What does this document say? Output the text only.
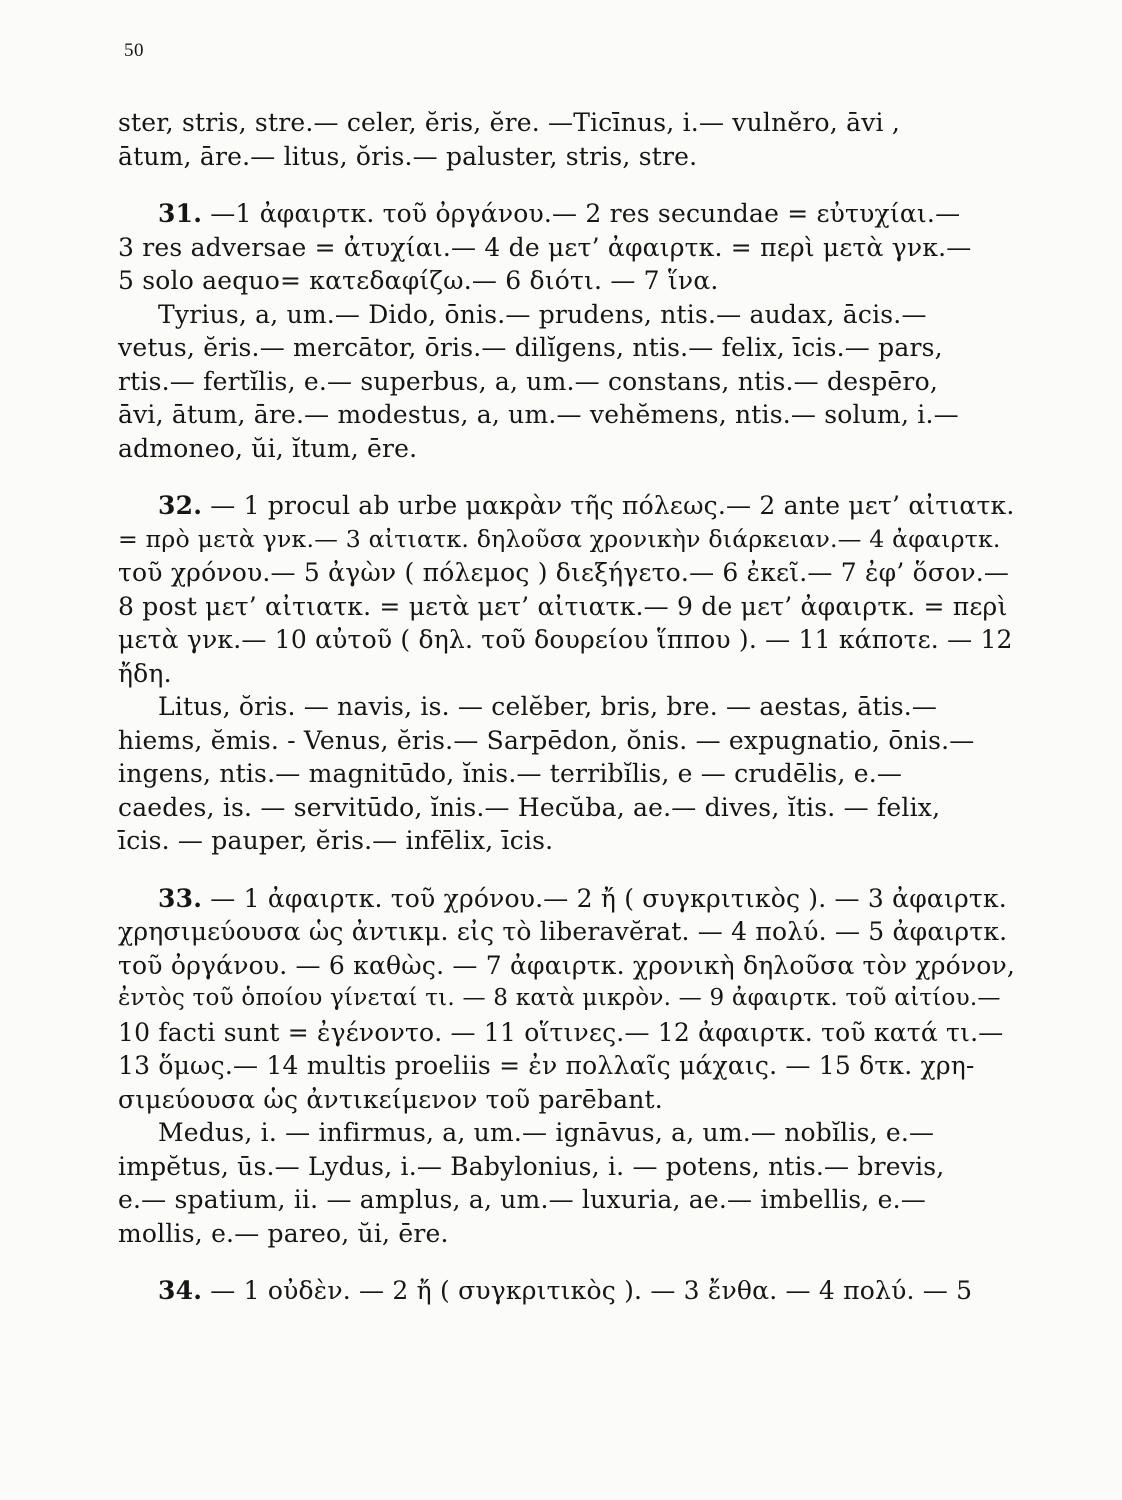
50
ster, stris, stre.— celer, ĕris, ĕre. —Ticīnus, i.— vulnĕro, āvi ,
ātum, āre.— litus, ŏris.— paluster, stris, stre.
31. —1 ἀφαιρτκ. τοῦ ὀργάνου.— 2 res secundae = εὐτυχίαι.—
3 res adversae = ἀτυχίαι.— 4 de μετ’ ἀφαιρτκ. = περὶ μετὰ γνκ.—
5 solo aequo= κατεδαφίζω.— 6 διότι. — 7 ἵνα.
Tyrius, a, um.— Dido, ōnis.— prudens, ntis.— audax, ācis.—
vetus, ĕris.— mercātor, ōris.— dilĭgens, ntis.— felix, īcis.— pars,
rtis.— fertĭlis, e.— superbus, a, um.— constans, ntis.— despēro,
āvi, ātum, āre.— modestus, a, um.— vehĕmens, ntis.— solum, i.—
admoneo, ŭi, ĭtum, ēre.
32. — 1 procul ab urbe μακρὰν τῆς πόλεως.— 2 ante μετ’ αἰτιατκ.
= πρὸ μετὰ γνκ.— 3 αἰτιατκ. δηλοῦσα χρονικὴν διάρκειαν.— 4 ἀφαιρτκ.
τοῦ χρόνου.— 5 ἀγὼν ( πόλεμος ) διεξήγετο.— 6 ἐκεῖ.— 7 ἐφ’ ὅσον.—
8 post μετ’ αἰτιατκ. = μετὰ μετ’ αἰτιατκ.— 9 de μετ’ ἀφαιρτκ. = περὶ
μετὰ γνκ.— 10 αὐτοῦ ( δηλ. τοῦ δουρείου ἵππου ). — 11 κάποτε. — 12
ἤδη.
Litus, ŏris. — navis, is. — celĕber, bris, bre. — aestas, ātis.—
hiems, ĕmis. - Venus, ĕris.— Sarpēdon, ŏnis. — expugnatio, ōnis.—
ingens, ntis.— magnitūdo, ĭnis.— terribĭlis, e — crudēlis, e.—
caedes, is. — servitūdo, ĭnis.— Hecŭba, ae.— dives, ĭtis. — felix,
īcis. — pauper, ĕris.— infēlix, īcis.
33. — 1 ἀφαιρτκ. τοῦ χρόνου.— 2 ἤ ( συγκριτικὸς ). — 3 ἀφαιρτκ.
χρησιμεύουσα ὡς ἀντικμ. εἰς τὸ liberavĕrat. — 4 πολύ. — 5 ἀφαιρτκ.
τοῦ ὀργάνου. — 6 καθὼς. — 7 ἀφαιρτκ. χρονικὴ δηλοῦσα τὸν χρόνον,
ἐντὸς τοῦ ὁποίου γίνεταί τι. — 8 κατὰ μικρὸν. — 9 ἀφαιρτκ. τοῦ αἰτίου.—
10 facti sunt = ἐγένοντο. — 11 οἵτινες.— 12 ἀφαιρτκ. τοῦ κατά τι.—
13 ὅμως.— 14 multis proeliis = ἐν πολλαῖς μάχαις. — 15 δτκ. χρη-
σιμεύουσα ὡς ἀντικείμενον τοῦ parēbant.
Medus, i. — infirmus, a, um.— ignāvus, a, um.— nobĭlis, e.—
impĕtus, ūs.— Lydus, i.— Babylonius, i. — potens, ntis.— brevis,
e.— spatium, ii. — amplus, a, um.— luxuria, ae.— imbellis, e.—
mollis, e.— pareo, ŭi, ēre.
34. — 1 οὐδὲν. — 2 ἤ ( συγκριτικὸς ). — 3 ἔνθα. — 4 πολύ. — 5
